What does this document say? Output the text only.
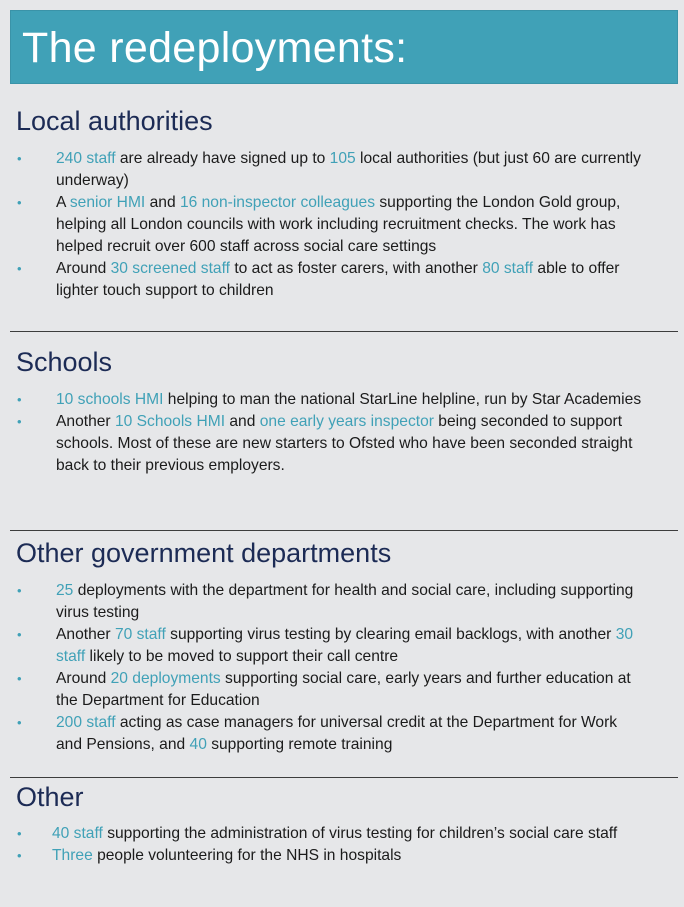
The redeployments:
Local authorities
• 240 staff are already have signed up to 105 local authorities (but just 60 are currently underway)
• A senior HMI and 16 non-inspector colleagues supporting the London Gold group, helping all London councils with work including recruitment checks. The work has helped recruit over 600 staff across social care settings
• Around 30 screened staff to act as foster carers, with another 80 staff able to offer lighter touch support to children
Schools
• 10 schools HMI helping to man the national StarLine helpline, run by Star Academies
• Another 10 Schools HMI and one early years inspector being seconded to support schools. Most of these are new starters to Ofsted who have been seconded straight back to their previous employers.
Other government departments
• 25 deployments with the department for health and social care, including supporting virus testing
• Another 70 staff supporting virus testing by clearing email backlogs, with another 30 staff likely to be moved to support their call centre
• Around 20 deployments supporting social care, early years and further education at the Department for Education
• 200 staff acting as case managers for universal credit at the Department for Work and Pensions, and 40 supporting remote training
Other
• 40 staff supporting the administration of virus testing for children’s social care staff
• Three people volunteering for the NHS in hospitals
